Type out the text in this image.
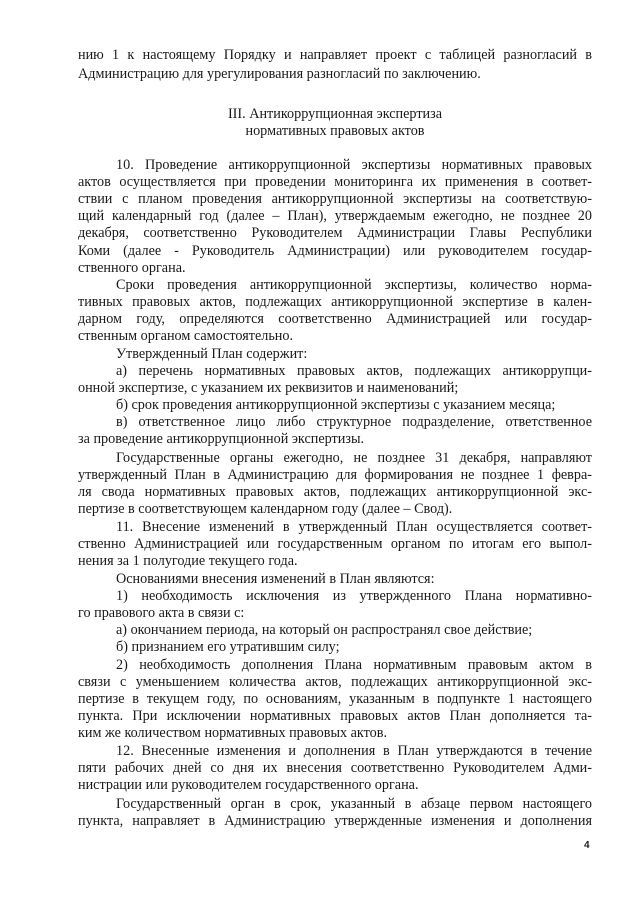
нию 1 к настоящему Порядку и направляет проект с таблицей разногласий в
Администрацию для урегулирования разногласий по заключению.
III. Антикоррупционная экспертиза
нормативных правовых актов
10. Проведение антикоррупционной экспертизы нормативных правовых
актов осуществляется при проведении мониторинга их применения в соответ-
ствии с планом проведения антикоррупционной экспертизы на соответствую-
щий календарный год (далее – План), утверждаемым ежегодно, не позднее 20
декабря, соответственно Руководителем Администрации Главы Республики
Коми (далее - Руководитель Администрации) или руководителем государ-
ственного органа.
Сроки проведения антикоррупционной экспертизы, количество норма-
тивных правовых актов, подлежащих антикоррупционной экспертизе в кален-
дарном году, определяются соответственно Администрацией или государ-
ственным органом самостоятельно.
Утвержденный План содержит:
а) перечень нормативных правовых актов, подлежащих антикоррупци-
онной экспертизе, с указанием их реквизитов и наименований;
б) срок проведения антикоррупционной экспертизы с указанием месяца;
в) ответственное лицо либо структурное подразделение, ответственное
за проведение антикоррупционной экспертизы.
Государственные органы ежегодно, не позднее 31 декабря, направляют
утвержденный План в Администрацию для формирования не позднее 1 февра-
ля свода нормативных правовых актов, подлежащих антикоррупционной экс-
пертизе в соответствующем календарном году (далее – Свод).
11. Внесение изменений в утвержденный План осуществляется соответ-
ственно Администрацией или государственным органом по итогам его выпол-
нения за 1 полугодие текущего года.
Основаниями внесения изменений в План являются:
1) необходимость исключения из утвержденного Плана нормативно-
го правового акта в связи с:
а) окончанием периода, на который он распространял свое действие;
б) признанием его утратившим силу;
2) необходимость дополнения Плана нормативным правовым актом в
связи с уменьшением количества актов, подлежащих антикоррупционной экс-
пертизе в текущем году, по основаниям, указанным в подпункте 1 настоящего
пункта. При исключении нормативных правовых актов План дополняется та-
ким же количеством нормативных правовых актов.
12. Внесенные изменения и дополнения в План утверждаются в течение
пяти рабочих дней со дня их внесения соответственно Руководителем Адми-
нистрации или руководителем государственного органа.
Государственный орган в срок, указанный в абзаце первом настоящего
пункта, направляет в Администрацию утвержденные изменения и дополнения
4
